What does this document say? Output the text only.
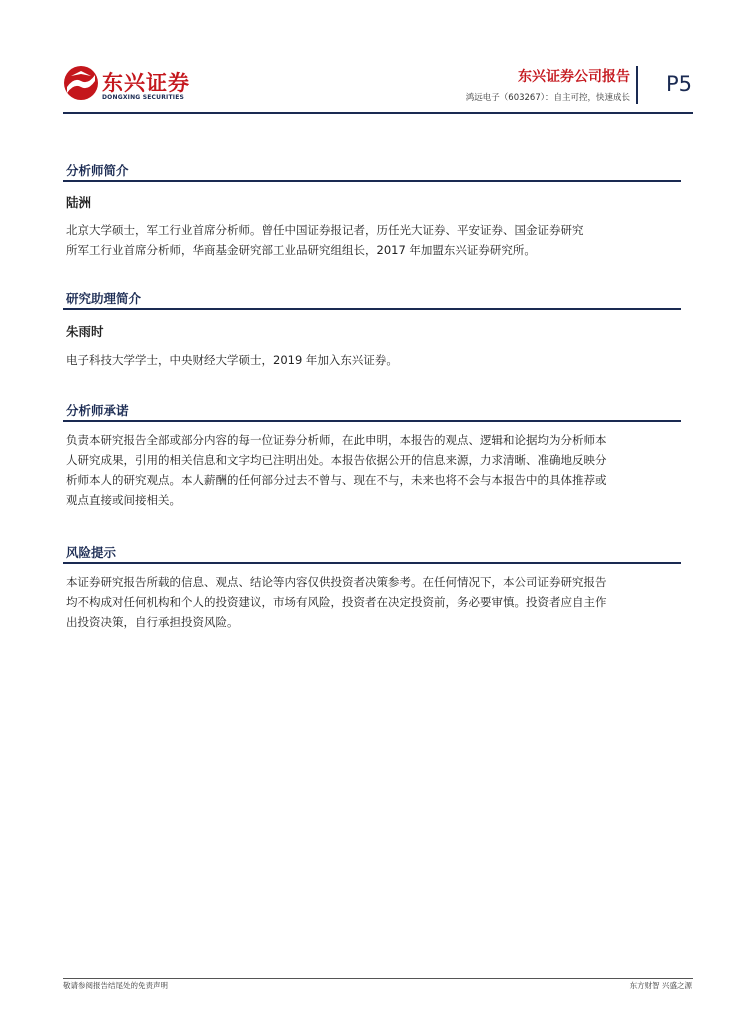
东兴证券
DONGXING SECURITIES
东兴证券公司报告
鸿远电子（603267）：自主可控，快速成长
P5
分析师简介
陆洲
北京大学硕士，军工行业首席分析师。曾任中国证券报记者，历任光大证券、平安证券、国金证券研究
所军工行业首席分析师，华商基金研究部工业品研究组组长，2017 年加盟东兴证券研究所。
研究助理简介
朱雨时
电子科技大学学士，中央财经大学硕士，2019 年加入东兴证券。
分析师承诺
负责本研究报告全部或部分内容的每一位证券分析师，在此申明，本报告的观点、逻辑和论据均为分析师本
人研究成果，引用的相关信息和文字均已注明出处。本报告依据公开的信息来源，力求清晰、准确地反映分
析师本人的研究观点。本人薪酬的任何部分过去不曾与、现在不与，未来也将不会与本报告中的具体推荐或
观点直接或间接相关。
风险提示
本证券研究报告所载的信息、观点、结论等内容仅供投资者决策参考。在任何情况下，本公司证券研究报告
均不构成对任何机构和个人的投资建议，市场有风险，投资者在决定投资前，务必要审慎。投资者应自主作
出投资决策，自行承担投资风险。
敬请参阅报告结尾处的免责声明	东方财智 兴盛之源
